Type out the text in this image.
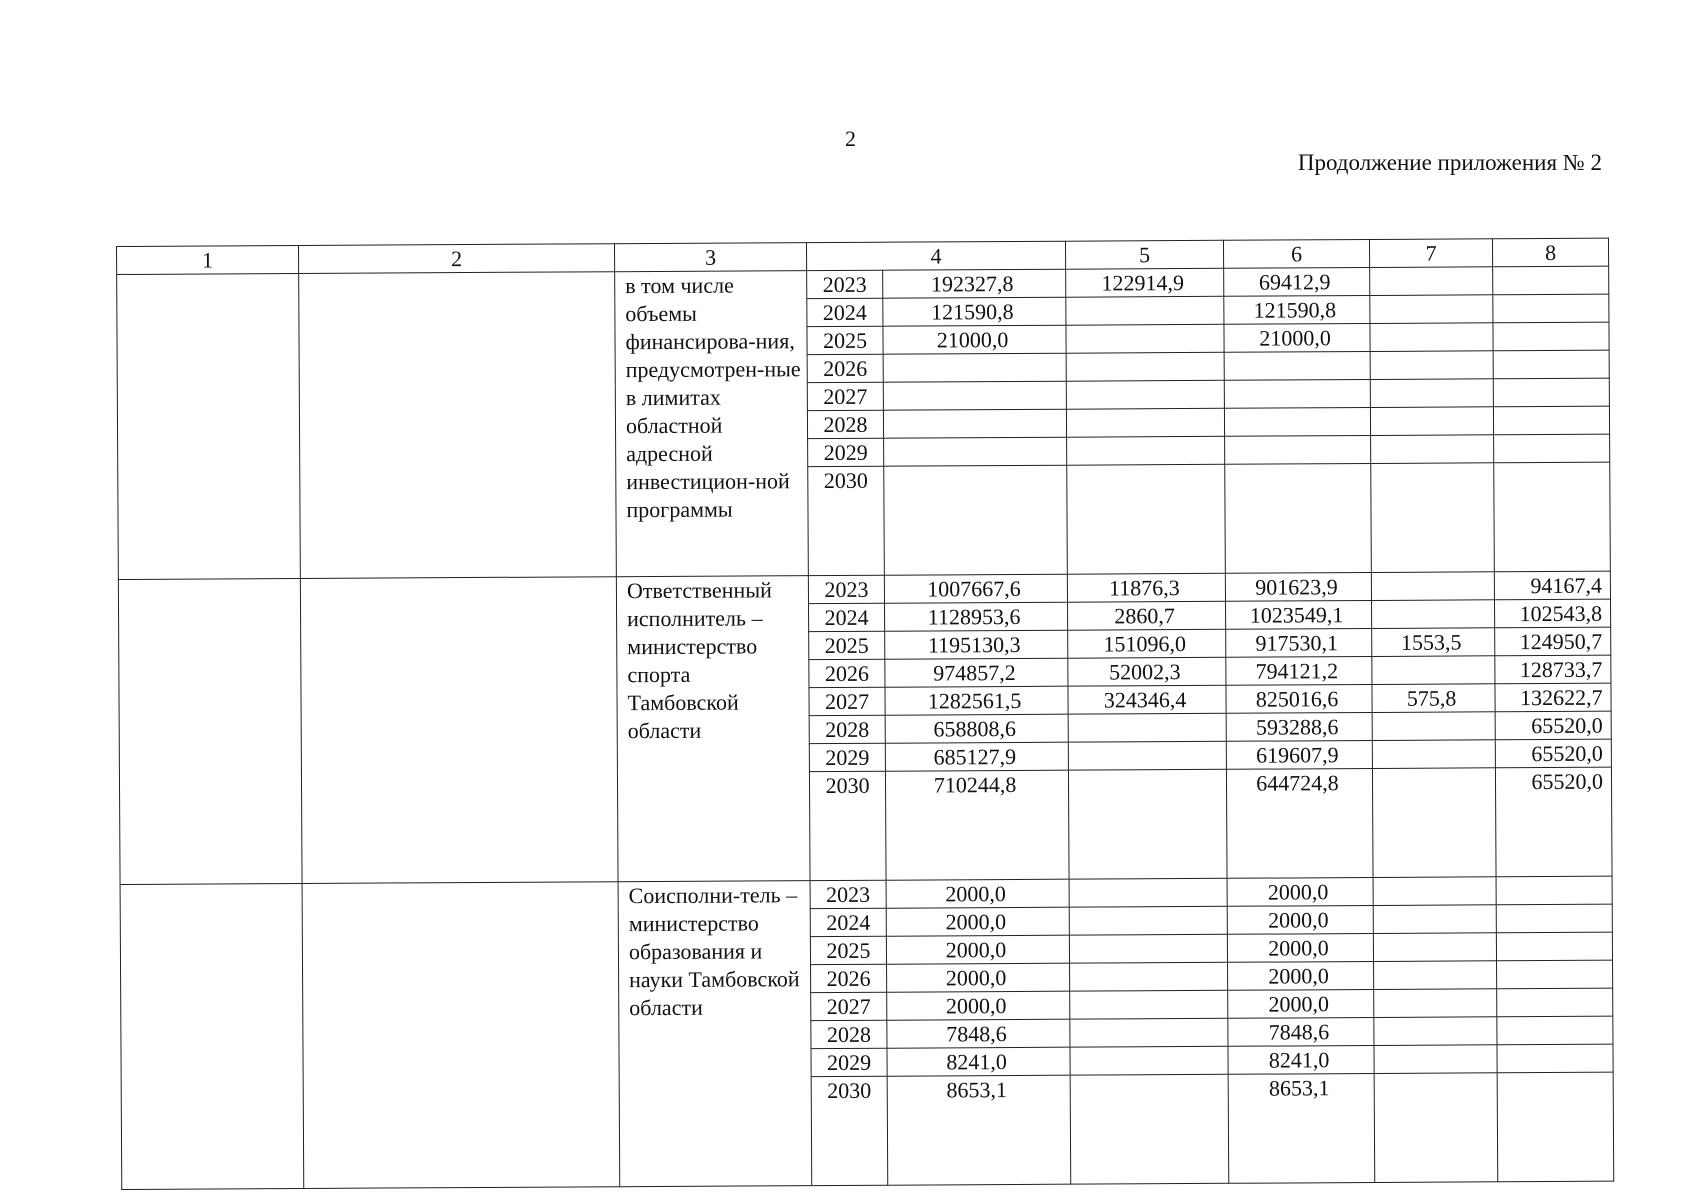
2
Продолжение приложения № 2
1	2	3	4		5	6	7	8
		в том числе объемы финансирова-ния, предусмотрен-ные в лимитах областной адресной инвестицион-ной программы	2023	192327,8	122914,9	69412,9		
			2024	121590,8		121590,8		
			2025	21000,0		21000,0		
			2026					
			2027					
			2028					
			2029					
			2030					
		Ответственный исполнитель – министерство спорта Тамбовской области	2023	1007667,6	11876,3	901623,9		94167,4
			2024	1128953,6	2860,7	1023549,1		102543,8
			2025	1195130,3	151096,0	917530,1	1553,5	124950,7
			2026	974857,2	52002,3	794121,2		128733,7
			2027	1282561,5	324346,4	825016,6	575,8	132622,7
			2028	658808,6		593288,6		65520,0
			2029	685127,9		619607,9		65520,0
			2030	710244,8		644724,8		65520,0
		Соисполни-тель – министерство образования и науки Тамбовской области	2023	2000,0		2000,0		
			2024	2000,0		2000,0		
			2025	2000,0		2000,0		
			2026	2000,0		2000,0		
			2027	2000,0		2000,0		
			2028	7848,6		7848,6		
			2029	8241,0		8241,0		
			2030	8653,1		8653,1		
